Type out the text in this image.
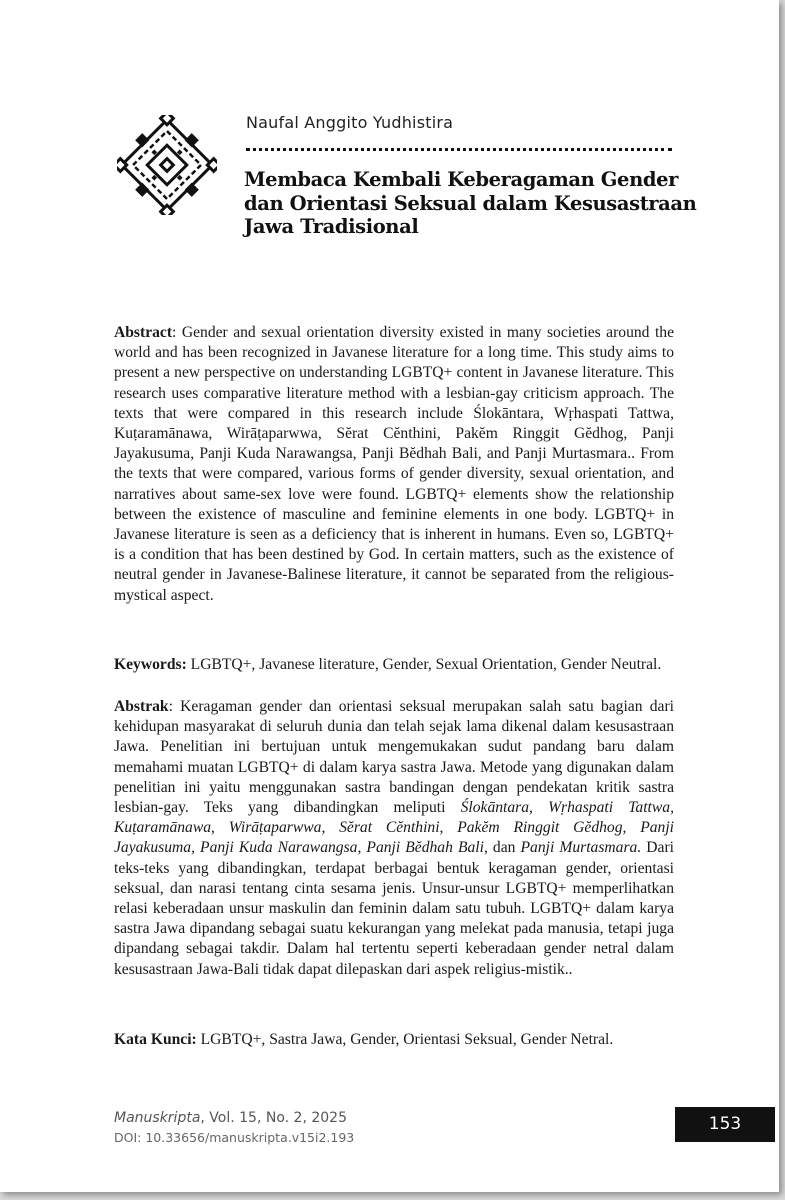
Naufal Anggito Yudhistira
Membaca Kembali Keberagaman Gender dan Orientasi Seksual dalam Kesusastraan Jawa Tradisional

Abstract: Gender and sexual orientation diversity existed in many societies around the world and has been recognized in Javanese literature for a long time. This study aims to present a new perspective on understanding LGBTQ+ content in Javanese literature. This research uses comparative literature method with a lesbian-gay criticism approach. The texts that were compared in this research include Ślokāntara, Wṛhaspati Tattwa, Kuṭaramānawa, Wirāṭaparwwa, Sĕrat Cĕnthini, Pakĕm Ringgit Gĕdhog, Panji Jayakusuma, Panji Kuda Narawangsa, Panji Bĕdhah Bali, and Panji Murtasmara.. From the texts that were compared, various forms of gender diversity, sexual orientation, and narratives about same-sex love were found. LGBTQ+ elements show the relationship between the existence of masculine and feminine elements in one body. LGBTQ+ in Javanese literature is seen as a deficiency that is inherent in humans. Even so, LGBTQ+ is a condition that has been destined by God. In certain matters, such as the existence of neutral gender in Javanese-Balinese literature, it cannot be separated from the religious-mystical aspect.

Keywords: LGBTQ+, Javanese literature, Gender, Sexual Orientation, Gender Neutral.

Abstrak: Keragaman gender dan orientasi seksual merupakan salah satu bagian dari kehidupan masyarakat di seluruh dunia dan telah sejak lama dikenal dalam kesusastraan Jawa. Penelitian ini bertujuan untuk mengemukakan sudut pandang baru dalam memahami muatan LGBTQ+ di dalam karya sastra Jawa. Metode yang digunakan dalam penelitian ini yaitu menggunakan sastra bandingan dengan pendekatan kritik sastra lesbian-gay. Teks yang dibandingkan meliputi Ślokāntara, Wṛhaspati Tattwa, Kuṭaramānawa, Wirāṭaparwwa, Sĕrat Cĕnthini, Pakĕm Ringgit Gĕdhog, Panji Jayakusuma, Panji Kuda Narawangsa, Panji Bĕdhah Bali, dan Panji Murtasmara. Dari teks-teks yang dibandingkan, terdapat berbagai bentuk keragaman gender, orientasi seksual, dan narasi tentang cinta sesama jenis. Unsur-unsur LGBTQ+ memperlihatkan relasi keberadaan unsur maskulin dan feminin dalam satu tubuh. LGBTQ+ dalam karya sastra Jawa dipandang sebagai suatu kekurangan yang melekat pada manusia, tetapi juga dipandang sebagai takdir. Dalam hal tertentu seperti keberadaan gender netral dalam kesusastraan Jawa-Bali tidak dapat dilepaskan dari aspek religius-mistik..

Kata Kunci: LGBTQ+, Sastra Jawa, Gender, Orientasi Seksual, Gender Netral.

Manuskripta, Vol. 15, No. 2, 2025
DOI: 10.33656/manuskripta.v15i2.193
153
